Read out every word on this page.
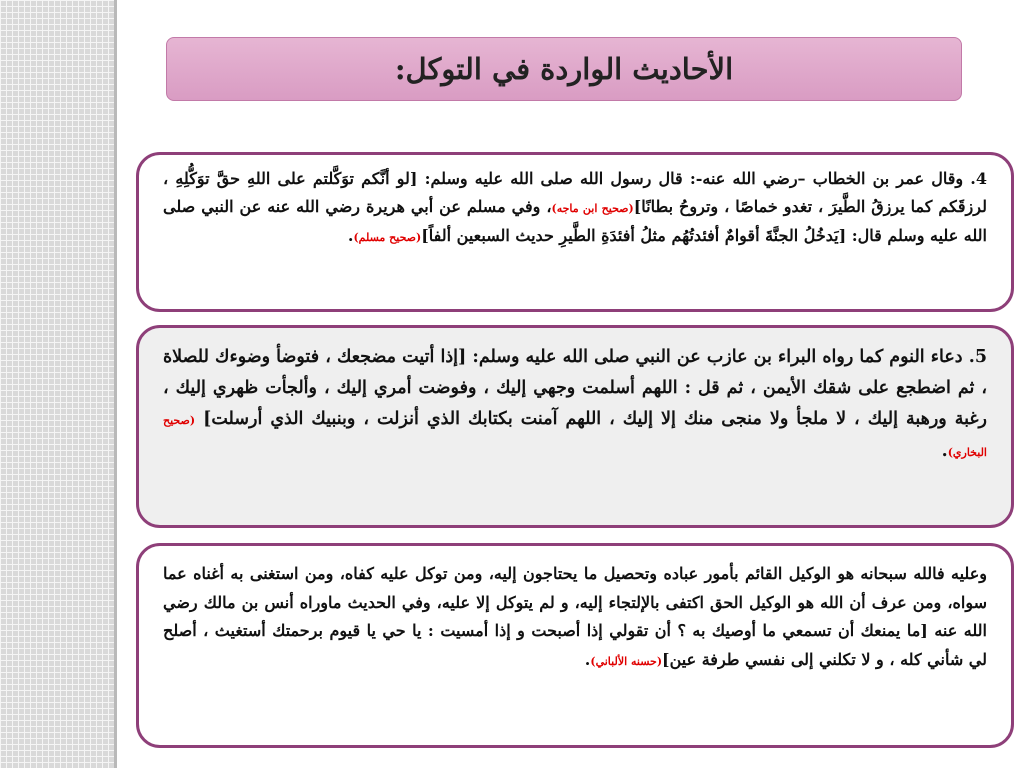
الأحاديث الواردة في التوكل:
4. وقال عمر بن الخطاب –رضي الله عنه-: قال رسول الله صلى الله عليه وسلم: [لو أنَّكم توَكَّلتم على اللهِ حقَّ توَكُّلِهِ ، لرزقَكم كما يرزقُ الطَّيرَ ، تغدو خماصًا ، وتروحُ بطانًا](صحيح ابن ماجه)، وفي مسلم عن أبي هريرة رضي الله عنه عن النبي صلى الله عليه وسلم قال: [يَدخُلُ الجنَّةَ أقوامٌ أفئدتُهُم مثلُ أفئدَةِ الطَّيرِ حديث السبعين ألفاً](صحيح مسلم).
5. دعاء النوم كما رواه البراء بن عازب عن النبي صلى الله عليه وسلم: [إذا أتيت مضجعك ، فتوضأ وضوءك للصلاة ، ثم اضطجع على شقك الأيمن ، ثم قل : اللهم أسلمت وجهي إليك ، وفوضت أمري إليك ، وألجأت ظهري إليك ، رغبة ورهبة إليك ، لا ملجأ ولا منجى منك إلا إليك ، اللهم آمنت بكتابك الذي أنزلت ، وبنبيك الذي أرسلت] (صحيح البخاري).
وعليه فالله سبحانه هو الوكيل القائم بأمور عباده وتحصيل ما يحتاجون إليه، ومن توكل عليه كفاه، ومن استغنى به أغناه عما سواه، ومن عرف أن الله هو الوكيل الحق اكتفى بالإلتجاء إليه، و لم يتوكل إلا عليه، وفي الحديث ماوراه أنس بن مالك رضي الله عنه [ما يمنعك أن تسمعي ما أوصيك به ؟ أن تقولي إذا أصبحت و إذا أمسيت : يا حي يا قيوم برحمتك أستغيث ، أصلح لي شأني كله ، و لا تكلني إلى نفسي طرفة عين](حسنه الألباني).
